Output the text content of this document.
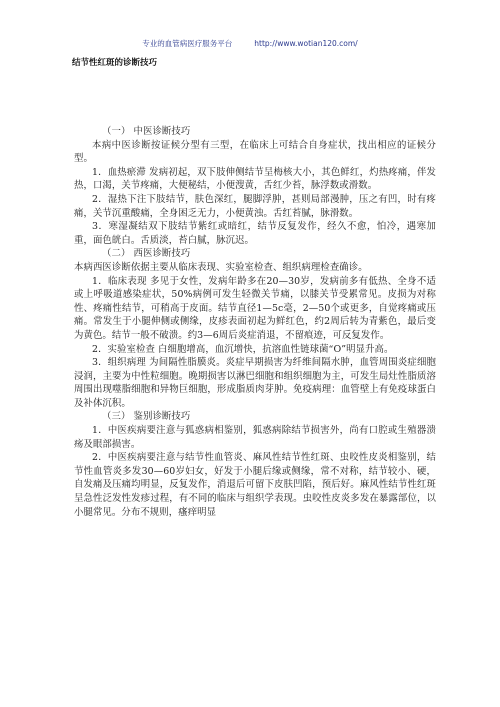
专业的血管病医疗服务平台	http://www.wotian120.com/
结节性红斑的诊断技巧

（一） 中医诊断技巧

本病中医诊断按证候分型有三型，在临床上可结合自身症状，找出相应的证候分型。

1．血热瘀滞 发病初起，双下肢伸侧结节呈梅核大小，其色鲜红，灼热疼痛，伴发热，口渴，关节疼痛，大便秘结，小便溲黄，舌红少苔，脉浮数或滑数。

2．湿热下注下肢结节，肤色深红，腿脚浮肿，甚则局部漫肿，压之有凹，时有疼痛，关节沉重酸痛，全身困乏无力，小便黄浊。舌红苔腻，脉滑数。

3．寒湿凝结双下肢结节紫红或暗红，结节反复发作，经久不愈，怕冷，遇寒加重，面色㿠白。舌质淡，苔白腻，脉沉迟。

（二） 西医诊断技巧

本病西医诊断依据主要从临床表现、实验室检查、组织病理检查确诊。

1．临床表现 多见于女性，发病年龄多在20—30岁，发病前多有低热、全身不适或上呼吸道感染症状，50%病例可发生轻微关节痛，以膝关节受累常见。皮损为对称性、疼痛性结节，可稍高于皮面。结节直径1—5c毫，2—50个或更多，自觉疼痛或压痛。常发生于小腿伸侧或侧缘，皮疹表面初起为鲜红色，约2周后转为青紫色，最后变为黄色。结节一般不破溃。约3—6周后炎症消退，不留痕迹，可反复发作。

2．实验室检查 白细胞增高，血沉增快，抗溶血性链球菌“O”明显升高。

3．组织病理 为间隔性脂膜炎。炎症早期损害为纤维间隔水肿，血管周围炎症细胞浸润，主要为中性粒细胞。晚期损害以淋巴细胞和组织细胞为主，可发生局灶性脂质溶周围出现噬脂细胞和异物巨细胞，形成脂质肉芽肿。免疫病理：血管壁上有免疫球蛋白及补体沉积。

（三） 鉴别诊断技巧

1．中医疾病要注意与狐惑病相鉴别，狐惑病除结节损害外，尚有口腔或生殖器溃疡及眼部损害。

2．中医疾病要注意与结节性血管炎、麻风性结节性红斑、虫咬性皮炎相鉴别，结节性血管炎多发30—60岁妇女，好发于小腿后缘或侧缘，常不对称，结节较小、硬，自发痛及压痛均明显，反复发作，消退后可留下皮肤凹陷，预后好。麻风性结节性红斑呈急性泛发性发疹过程，有不同的临床与组织学表现。虫咬性皮炎多发在暴露部位，以小腿常见。分布不规则，瘙痒明显
